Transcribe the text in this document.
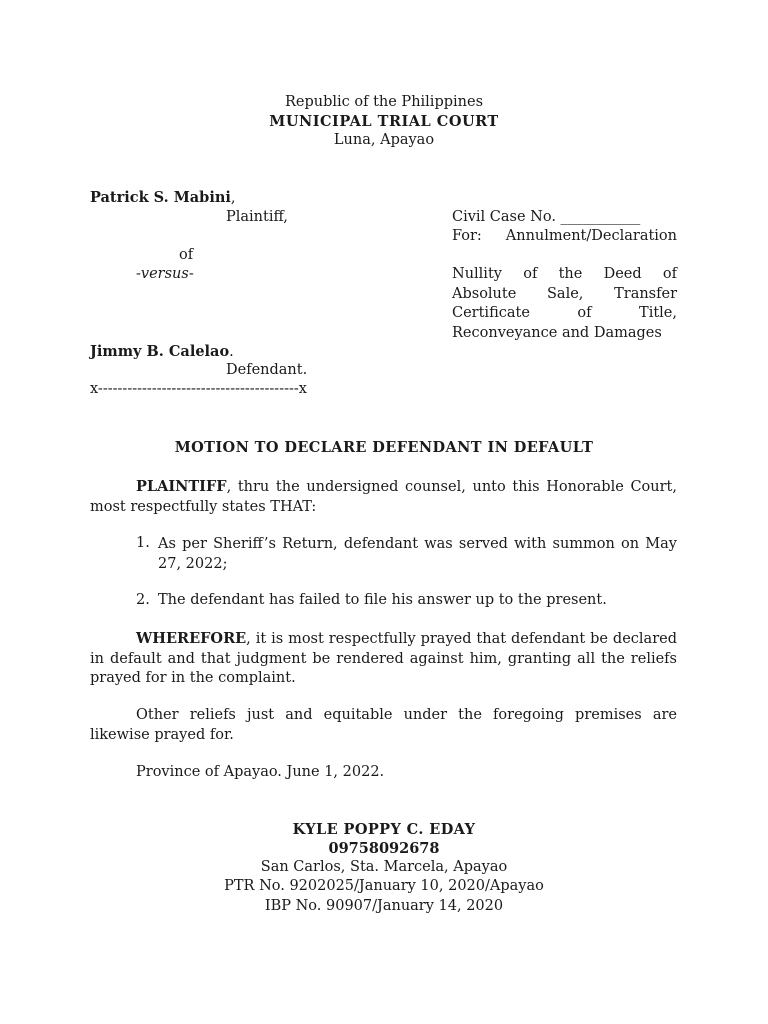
Republic of the Philippines
MUNICIPAL TRIAL COURT
Luna, Apayao
Patrick S. Mabini,
Plaintiff,
of
-versus-
Jimmy B. Calelao.
Defendant.
x-----------------------------------------x
Civil Case No. ___________
For: Annulment/Declaration
Nullity of the Deed of Absolute Sale, Transfer Certificate of Title, Reconveyance and Damages
MOTION TO DECLARE DEFENDANT IN DEFAULT
PLAINTIFF, thru the undersigned counsel, unto this Honorable Court, most respectfully states THAT:
1. As per Sheriff’s Return, defendant was served with summon on May 27, 2022;
2. The defendant has failed to file his answer up to the present.
WHEREFORE, it is most respectfully prayed that defendant be declared in default and that judgment be rendered against him, granting all the reliefs prayed for in the complaint.
Other reliefs just and equitable under the foregoing premises are likewise prayed for.
Province of Apayao. June 1, 2022.
KYLE POPPY C. EDAY
09758092678
San Carlos, Sta. Marcela, Apayao
PTR No. 9202025/January 10, 2020/Apayao
IBP No. 90907/January 14, 2020
